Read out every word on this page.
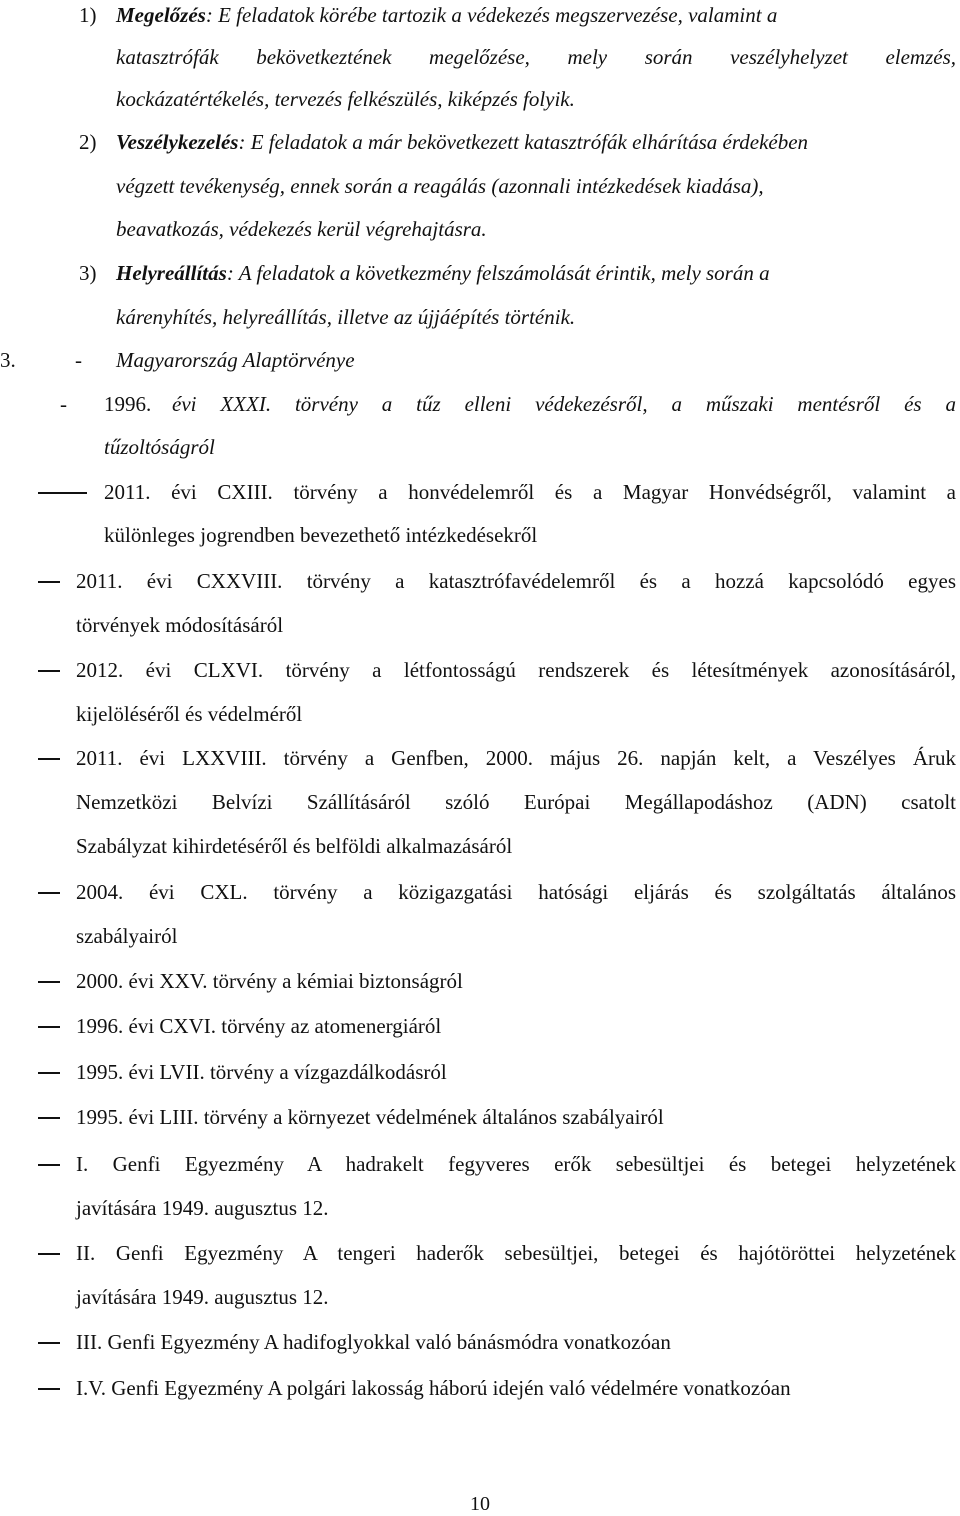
1) Megelőzés: E feladatok körébe tartozik a védekezés megszervezése, valamint a
katasztrófák bekövetkeztének megelőzése, mely során veszélyhelyzet elemzés,
kockázatértékelés, tervezés felkészülés, kiképzés folyik.
2) Veszélykezelés: E feladatok a már bekövetkezett katasztrófák elhárítása érdekében
végzett tevékenység, ennek során a reagálás (azonnali intézkedések kiadása),
beavatkozás, védekezés kerül végrehajtásra.
3) Helyreállítás: A feladatok a következmény felszámolását érintik, mely során a
kárenyhítés, helyreállítás, illetve az újjáépítés történik.
3.	- Magyarország Alaptörvénye
- 1996. évi XXXI. törvény a tűz elleni védekezésről, a műszaki mentésről és a
tűzoltóságról
2011. évi CXIII. törvény a honvédelemről és a Magyar Honvédségről, valamint a
különleges jogrendben bevezethető intézkedésekről
2011. évi CXXVIII. törvény a katasztrófavédelemről és a hozzá kapcsolódó egyes
törvények módosításáról
2012. évi CLXVI. törvény a létfontosságú rendszerek és létesítmények azonosításáról,
kijelöléséről és védelméről
2011. évi LXXVIII. törvény a Genfben, 2000. május 26. napján kelt, a Veszélyes Áruk
Nemzetközi Belvízi Szállításáról szóló Európai Megállapodáshoz (ADN) csatolt
Szabályzat kihirdetéséről és belföldi alkalmazásáról
2004. évi CXL. törvény a közigazgatási hatósági eljárás és szolgáltatás általános
szabályairól
2000. évi XXV. törvény a kémiai biztonságról
1996. évi CXVI. törvény az atomenergiáról
1995. évi LVII. törvény a vízgazdálkodásról
1995. évi LIII. törvény a környezet védelmének általános szabályairól
I. Genfi Egyezmény A hadrakelt fegyveres erők sebesültjei és betegei helyzetének
javítására 1949. augusztus 12.
II. Genfi Egyezmény A tengeri haderők sebesültjei, betegei és hajótöröttei helyzetének
javítására 1949. augusztus 12.
III. Genfi Egyezmény A hadifoglyokkal való bánásmódra vonatkozóan
I.V. Genfi Egyezmény A polgári lakosság háború idején való védelmére vonatkozóan
10
